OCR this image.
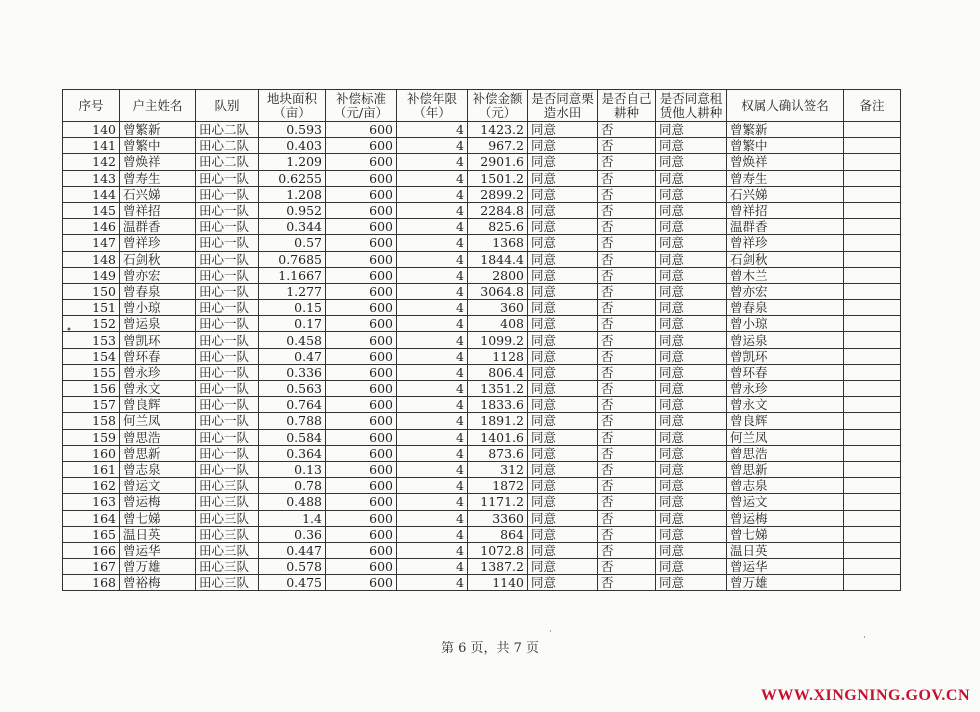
序号	户主姓名	队别	地块面积（亩）	补偿标准（元/亩）	补偿年限（年）	补偿金额（元）	是否同意栗造水田	是否自己耕种	是否同意租赁他人耕种	权属人确认签名	备注
140	曾繁新	田心二队	0.593	600	4	1423.2	同意	否	同意	曾繁新	
141	曾繁中	田心二队	0.403	600	4	967.2	同意	否	同意	曾繁中	
142	曾焕祥	田心二队	1.209	600	4	2901.6	同意	否	同意	曾焕祥	
143	曾寿生	田心一队	0.6255	600	4	1501.2	同意	否	同意	曾寿生	
144	石兴娣	田心一队	1.208	600	4	2899.2	同意	否	同意	石兴娣	
145	曾祥招	田心一队	0.952	600	4	2284.8	同意	否	同意	曾祥招	
146	温群香	田心一队	0.344	600	4	825.6	同意	否	同意	温群香	
147	曾祥珍	田心一队	0.57	600	4	1368	同意	否	同意	曾祥珍	
148	石剑秋	田心一队	0.7685	600	4	1844.4	同意	否	同意	石剑秋	
149	曾亦宏	田心一队	1.1667	600	4	2800	同意	否	同意	曾木兰	
150	曾春泉	田心一队	1.277	600	4	3064.8	同意	否	同意	曾亦宏	
151	曾小琼	田心一队	0.15	600	4	360	同意	否	同意	曾春泉	
152	曾运泉	田心一队	0.17	600	4	408	同意	否	同意	曾小琼	
153	曾凯环	田心一队	0.458	600	4	1099.2	同意	否	同意	曾运泉	
154	曾环春	田心一队	0.47	600	4	1128	同意	否	同意	曾凯环	
155	曾永珍	田心一队	0.336	600	4	806.4	同意	否	同意	曾环春	
156	曾永文	田心一队	0.563	600	4	1351.2	同意	否	同意	曾永珍	
157	曾良辉	田心一队	0.764	600	4	1833.6	同意	否	同意	曾永文	
158	何兰凤	田心一队	0.788	600	4	1891.2	同意	否	同意	曾良辉	
159	曾思浩	田心一队	0.584	600	4	1401.6	同意	否	同意	何兰凤	
160	曾思新	田心一队	0.364	600	4	873.6	同意	否	同意	曾思浩	
161	曾志泉	田心一队	0.13	600	4	312	同意	否	同意	曾思新	
162	曾运文	田心三队	0.78	600	4	1872	同意	否	同意	曾志泉	
163	曾运梅	田心三队	0.488	600	4	1171.2	同意	否	同意	曾运文	
164	曾七娣	田心三队	1.4	600	4	3360	同意	否	同意	曾运梅	
165	温日英	田心三队	0.36	600	4	864	同意	否	同意	曾七娣	
166	曾运华	田心三队	0.447	600	4	1072.8	同意	否	同意	温日英	
167	曾万雄	田心三队	0.578	600	4	1387.2	同意	否	同意	曾运华	
168	曾裕梅	田心三队	0.475	600	4	1140	同意	否	同意	曾万雄	
第 6 页，共 7 页
WWW.XINGNING.GOV.CN
•
˙
˙
